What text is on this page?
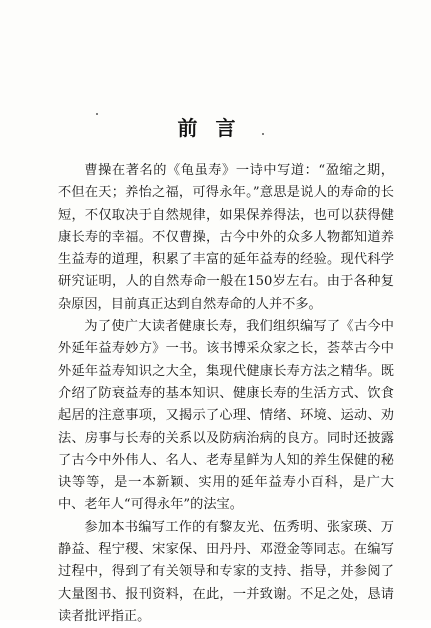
前言

曹操在著名的《龟虽寿》一诗中写道：“盈缩之期，不但在天；养怡之福，可得永年。”意思是说人的寿命的长短，不仅取决于自然规律，如果保养得法，也可以获得健康长寿的幸福。不仅曹操，古今中外的众多人物都知道养生益寿的道理，积累了丰富的延年益寿的经验。现代科学研究证明，人的自然寿命一般在150岁左右。由于各种复杂原因，目前真正达到自然寿命的人并不多。

为了使广大读者健康长寿，我们组织编写了《古今中外延年益寿妙方》一书。该书博采众家之长，荟萃古今中外延年益寿知识之大全，集现代健康长寿方法之精华。既介绍了防衰益寿的基本知识、健康长寿的生活方式、饮食起居的注意事项，又揭示了心理、情绪、环境、运动、劝法、房事与长寿的关系以及防病治病的良方。同时还披露了古今中外伟人、名人、老寿星鲜为人知的养生保健的秘诀等等，是一本新颖、实用的延年益寿小百科，是广大中、老年人“可得永年”的法宝。

参加本书编写工作的有黎友光、伍秀明、张家瑛、万静益、程宁稷、宋家保、田丹丹、邓澄金等同志。在编写过程中，得到了有关领导和专家的支持、指导，并参阅了大量图书、报刊资料，在此，一并致谢。不足之处，恳请读者批评指正。
